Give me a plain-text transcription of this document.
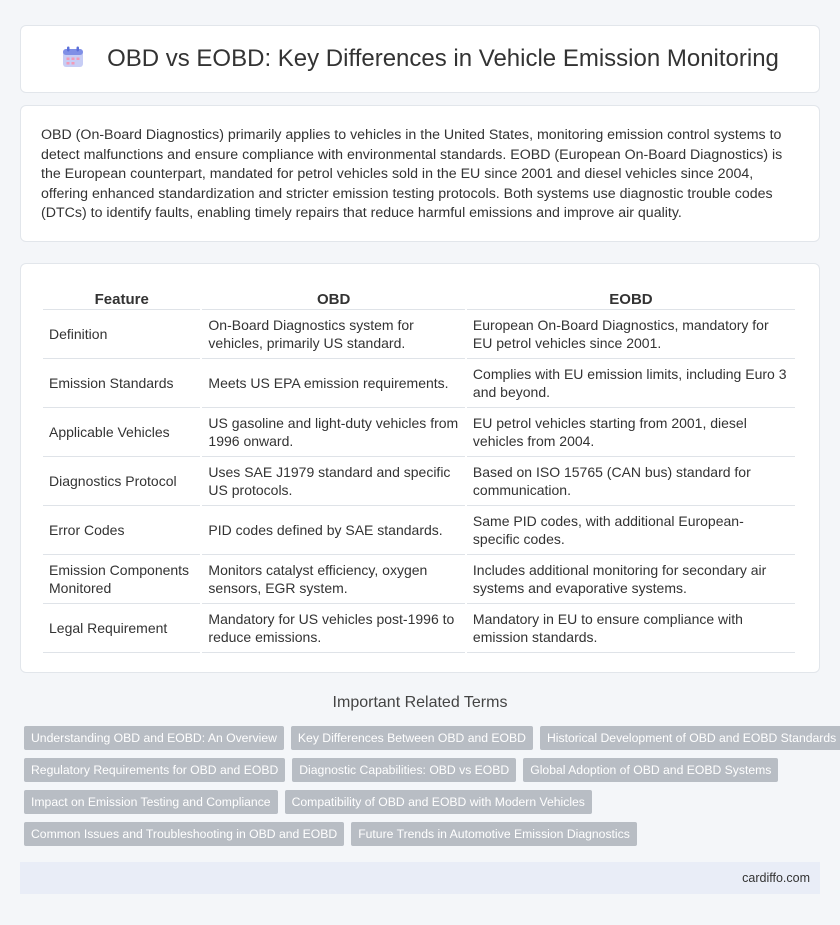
OBD vs EOBD: Key Differences in Vehicle Emission Monitoring

OBD (On-Board Diagnostics) primarily applies to vehicles in the United States, monitoring emission control systems to detect malfunctions and ensure compliance with environmental standards. EOBD (European On-Board Diagnostics) is the European counterpart, mandated for petrol vehicles sold in the EU since 2001 and diesel vehicles since 2004, offering enhanced standardization and stricter emission testing protocols. Both systems use diagnostic trouble codes (DTCs) to identify faults, enabling timely repairs that reduce harmful emissions and improve air quality.

Feature	OBD	EOBD
Definition	On-Board Diagnostics system for vehicles, primarily US standard.	European On-Board Diagnostics, mandatory for EU petrol vehicles since 2001.
Emission Standards	Meets US EPA emission requirements.	Complies with EU emission limits, including Euro 3 and beyond.
Applicable Vehicles	US gasoline and light-duty vehicles from 1996 onward.	EU petrol vehicles starting from 2001, diesel vehicles from 2004.
Diagnostics Protocol	Uses SAE J1979 standard and specific US protocols.	Based on ISO 15765 (CAN bus) standard for communication.
Error Codes	PID codes defined by SAE standards.	Same PID codes, with additional European-specific codes.
Emission Components Monitored	Monitors catalyst efficiency, oxygen sensors, EGR system.	Includes additional monitoring for secondary air systems and evaporative systems.
Legal Requirement	Mandatory for US vehicles post-1996 to reduce emissions.	Mandatory in EU to ensure compliance with emission standards.
Important Related Terms
Understanding OBD and EOBD: An Overview	Key Differences Between OBD and EOBD	Historical Development of OBD and EOBD Standards
Regulatory Requirements for OBD and EOBD	Diagnostic Capabilities: OBD vs EOBD	Global Adoption of OBD and EOBD Systems
Impact on Emission Testing and Compliance	Compatibility of OBD and EOBD with Modern Vehicles
Common Issues and Troubleshooting in OBD and EOBD	Future Trends in Automotive Emission Diagnostics
cardiffo.com
